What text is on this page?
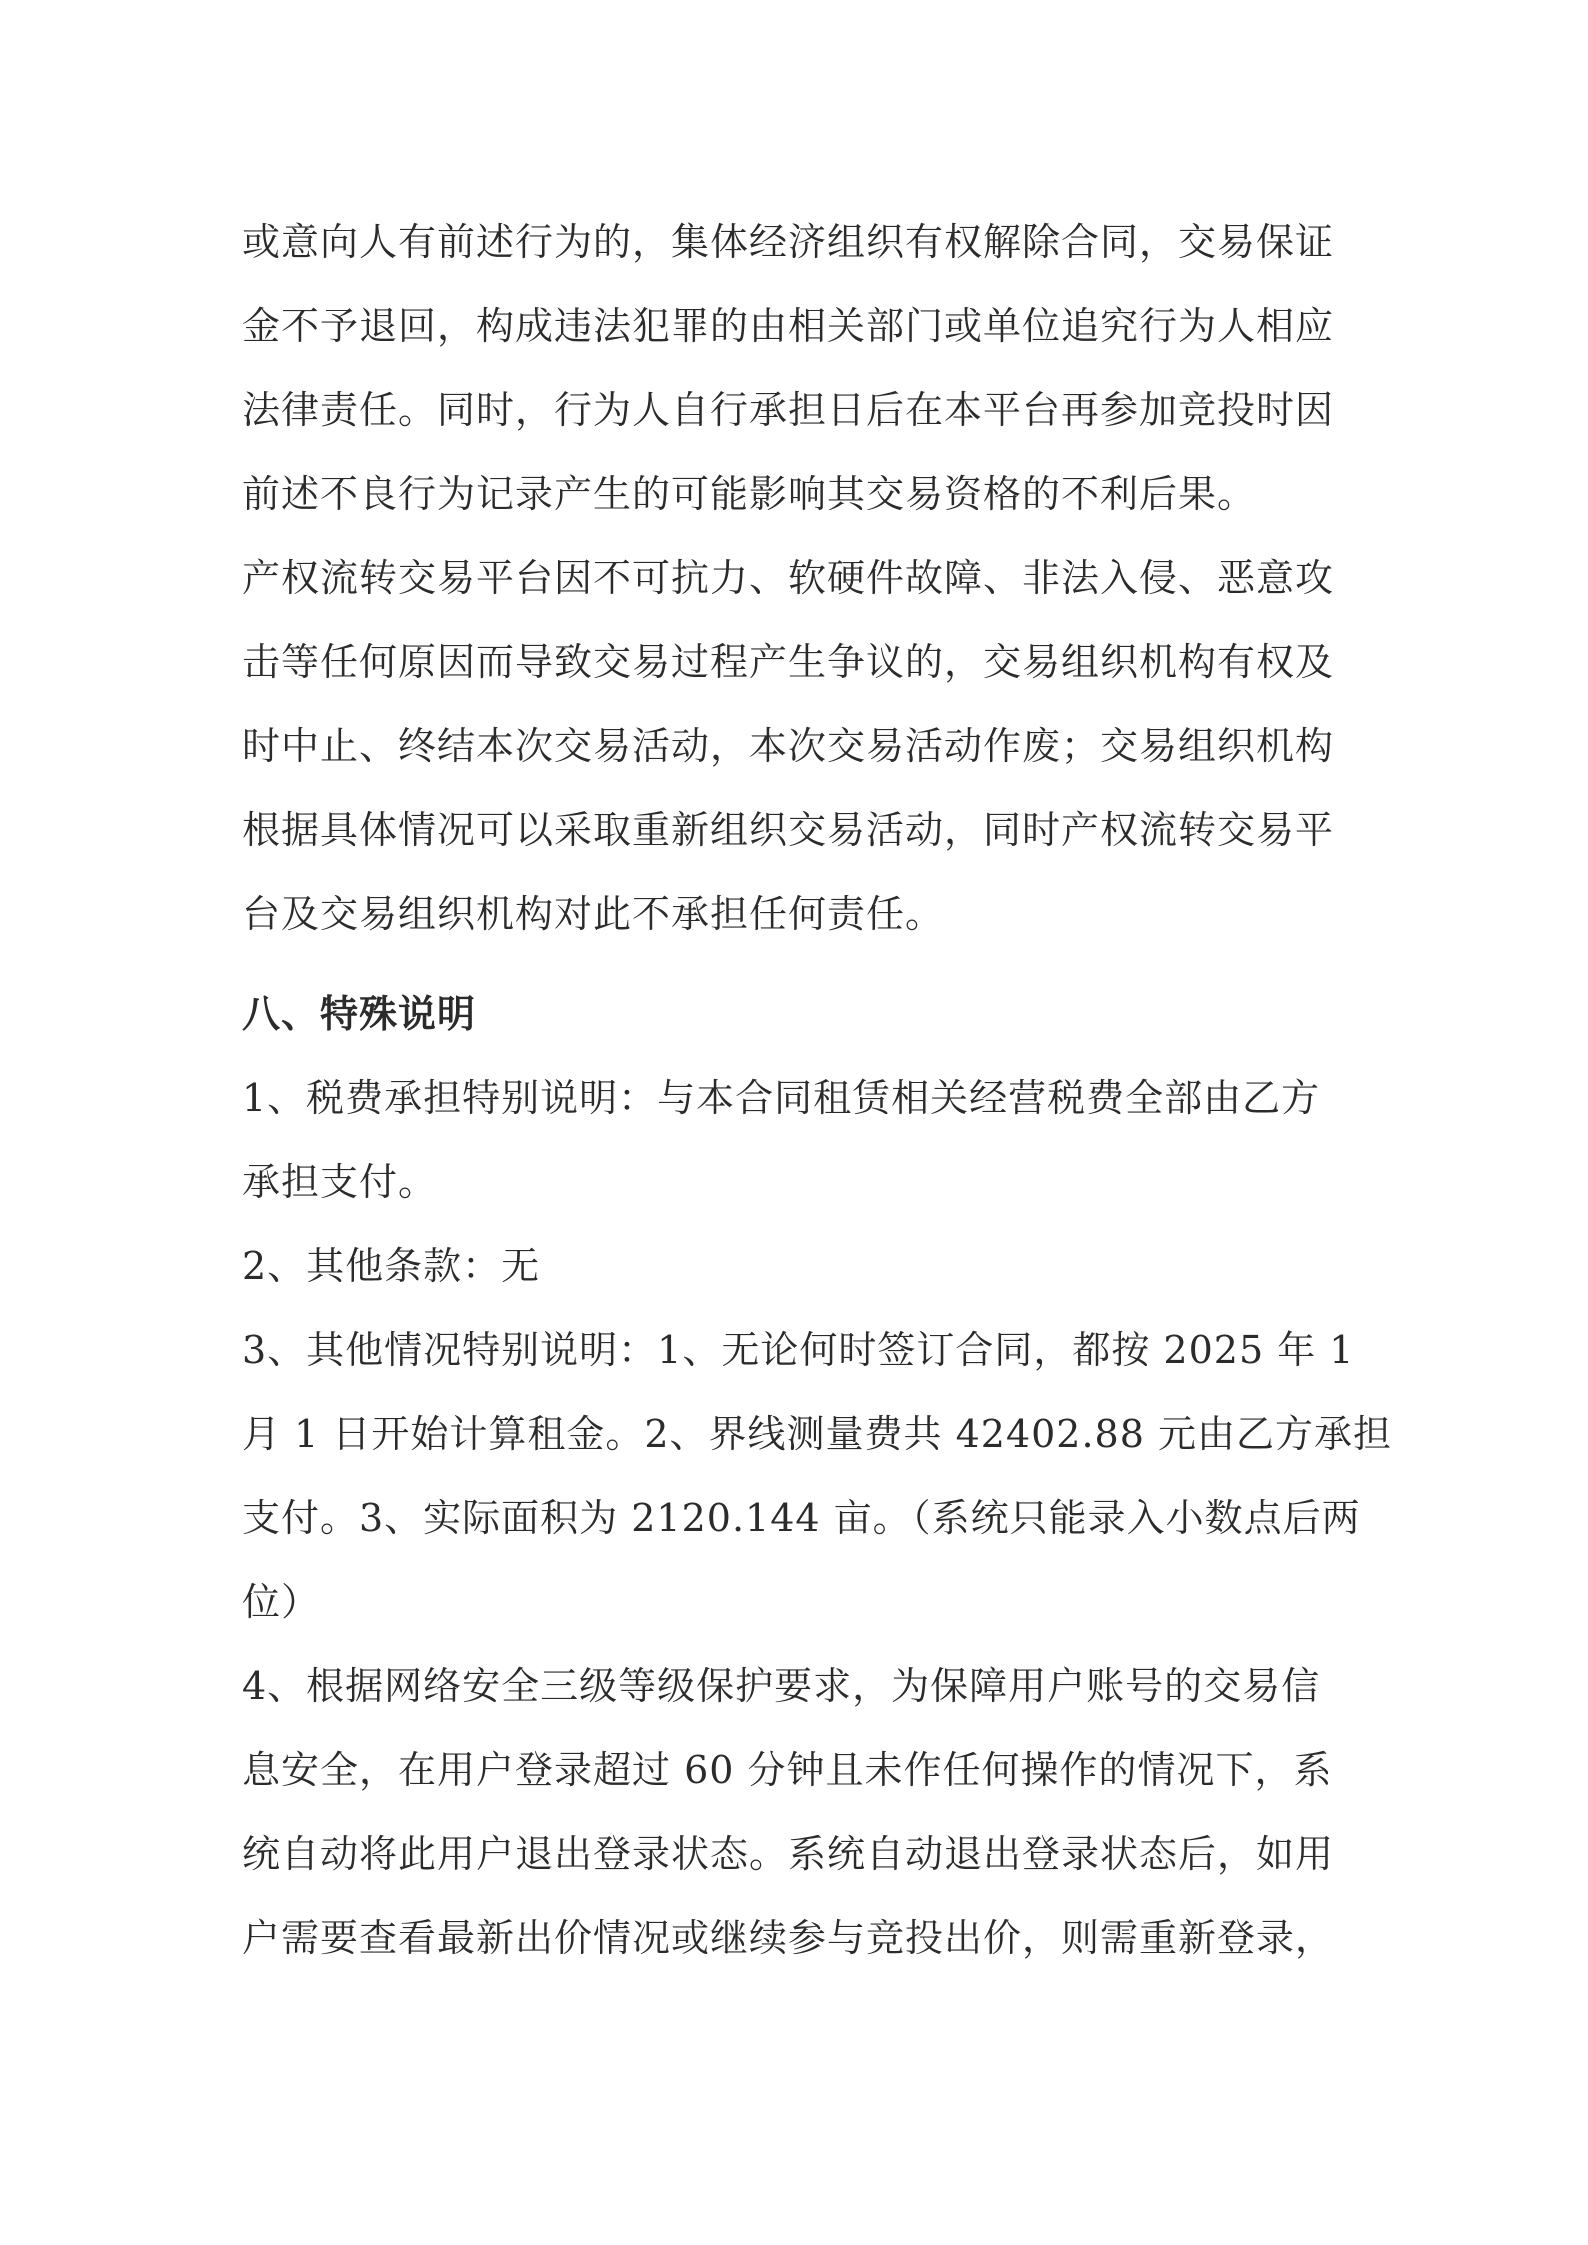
或意向人有前述行为的，集体经济组织有权解除合同，交易保证
金不予退回，构成违法犯罪的由相关部门或单位追究行为人相应
法律责任。同时，行为人自行承担日后在本平台再参加竞投时因
前述不良行为记录产生的可能影响其交易资格的不利后果。
产权流转交易平台因不可抗力、软硬件故障、非法入侵、恶意攻
击等任何原因而导致交易过程产生争议的，交易组织机构有权及
时中止、终结本次交易活动，本次交易活动作废；交易组织机构
根据具体情况可以采取重新组织交易活动，同时产权流转交易平
台及交易组织机构对此不承担任何责任。
八、特殊说明
1、税费承担特别说明：与本合同租赁相关经营税费全部由乙方
承担支付。
2、其他条款：无
3、其他情况特别说明：1、无论何时签订合同，都按 2025 年 1
月 1 日开始计算租金。2、界线测量费共 42402.88 元由乙方承担
支付。3、实际面积为 2120.144 亩。（系统只能录入小数点后两
位）
4、根据网络安全三级等级保护要求，为保障用户账号的交易信
息安全，在用户登录超过 60 分钟且未作任何操作的情况下，系
统自动将此用户退出登录状态。系统自动退出登录状态后，如用
户需要查看最新出价情况或继续参与竞投出价，则需重新登录，
